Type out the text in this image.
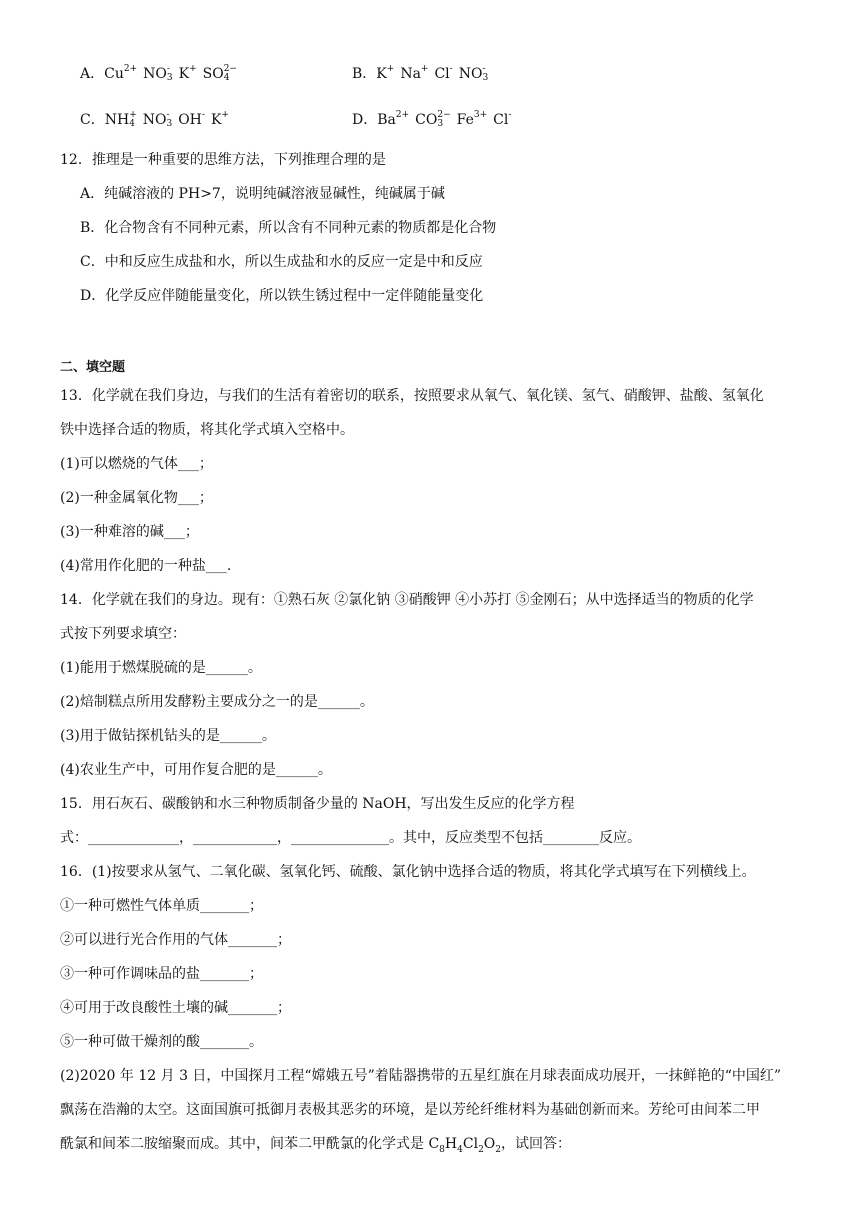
A．Cu 2+
NO -
3 K +
SO 2−
4	B．K +
Na +
Cl -
NO -
3
C．NH +
4 NO -
3 OH -
K +
	D．Ba 2+
CO 2−
3 Fe 3+
Cl -

12．推理是一种重要的思维方法，下列推理合理的是
A．纯碱溶液的 PH>7，说明纯碱溶液显碱性，纯碱属于碱
B．化合物含有不同种元素，所以含有不同种元素的物质都是化合物
C．中和反应生成盐和水，所以生成盐和水的反应一定是中和反应
D．化学反应伴随能量变化，所以铁生锈过程中一定伴随能量变化
二、填空题
13．化学就在我们身边，与我们的生活有着密切的联系，按照要求从氧气、氧化镁、氢气、硝酸钾、盐酸、氢氧化
铁中选择合适的物质，将其化学式填入空格中。
(1)可以燃烧的气体___；
(2)一种金属氧化物___；
(3)一种难溶的碱___；
(4)常用作化肥的一种盐___.
14．化学就在我们的身边。现有：①熟石灰 ②氯化钠 ③硝酸钾 ④小苏打 ⑤金刚石；从中选择适当的物质的化学
式按下列要求填空：
(1)能用于燃煤脱硫的是______。
(2)焙制糕点所用发酵粉主要成分之一的是______。
(3)用于做钻探机钻头的是______。
(4)农业生产中，可用作复合肥的是______。
15．用石灰石、碳酸钠和水三种物质制备少量的 NaOH，写出发生反应的化学方程
式：_____________，____________，______________。其中，反应类型不包括________反应。
16．(1)按要求从氢气、二氧化碳、氢氧化钙、硫酸、氯化钠中选择合适的物质，将其化学式填写在下列横线上。
①一种可燃性气体单质_______；
②可以进行光合作用的气体_______；
③一种可作调味品的盐_______；
④可用于改良酸性土壤的碱_______；
⑤一种可做干燥剂的酸_______。
(2)2020 年 12 月 3 日，中国探月工程“嫦娥五号”着陆器携带的五星红旗在月球表面成功展开，一抹鲜艳的“中国红”
飘荡在浩瀚的太空。这面国旗可抵御月表极其恶劣的环境，是以芳纶纤维材料为基础创新而来。芳纶可由间苯二甲
酰氯和间苯二胺缩聚而成。其中，间苯二甲酰氯的化学式是 $C_8H_4Cl_2O_2$，试回答：
